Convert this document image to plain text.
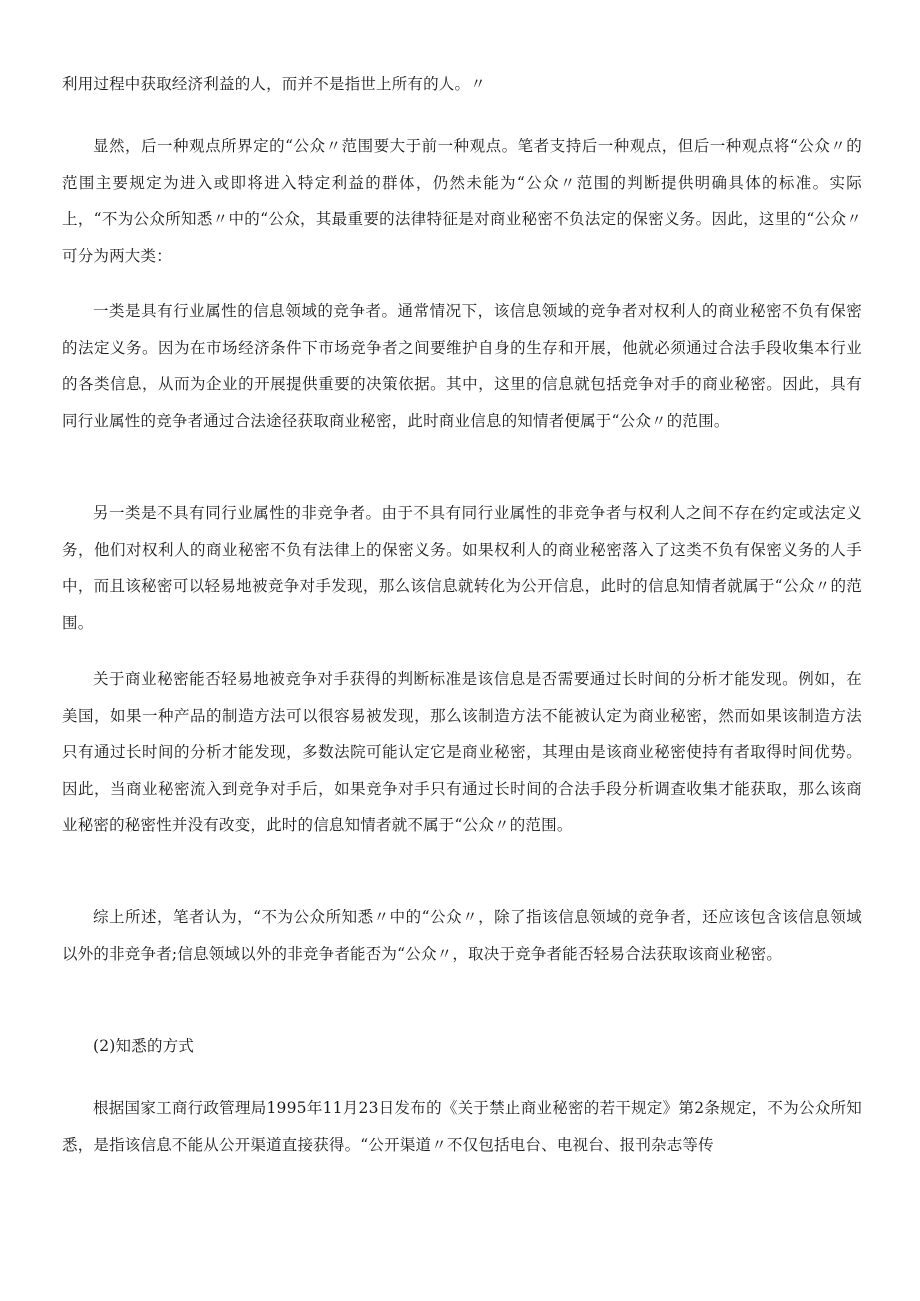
利用过程中获取经济利益的人，而并不是指世上所有的人。〃

显然，后一种观点所界定的“公众〃范围要大于前一种观点。笔者支持后一种观点，但后一种观点将“公众〃的范围主要规定为进入或即将进入特定利益的群体，仍然未能为“公众〃范围的判断提供明确具体的标准。实际上，“不为公众所知悉〃中的“公众，其最重要的法律特征是对商业秘密不负法定的保密义务。因此，这里的“公众〃可分为两大类：

一类是具有行业属性的信息领域的竞争者。通常情况下，该信息领域的竞争者对权利人的商业秘密不负有保密的法定义务。因为在市场经济条件下市场竞争者之间要维护自身的生存和开展，他就必须通过合法手段收集本行业的各类信息，从而为企业的开展提供重要的决策依据。其中，这里的信息就包括竞争对手的商业秘密。因此，具有同行业属性的竞争者通过合法途径获取商业秘密，此时商业信息的知情者便属于“公众〃的范围。

另一类是不具有同行业属性的非竞争者。由于不具有同行业属性的非竞争者与权利人之间不存在约定或法定义务，他们对权利人的商业秘密不负有法律上的保密义务。如果权利人的商业秘密落入了这类不负有保密义务的人手中，而且该秘密可以轻易地被竞争对手发现，那么该信息就转化为公开信息，此时的信息知情者就属于“公众〃的范围。

关于商业秘密能否轻易地被竞争对手获得的判断标准是该信息是否需要通过长时间的分析才能发现。例如，在美国，如果一种产品的制造方法可以很容易被发现，那么该制造方法不能被认定为商业秘密，然而如果该制造方法只有通过长时间的分析才能发现，多数法院可能认定它是商业秘密，其理由是该商业秘密使持有者取得时间优势。因此，当商业秘密流入到竞争对手后，如果竞争对手只有通过长时间的合法手段分析调查收集才能获取，那么该商业秘密的秘密性并没有改变，此时的信息知情者就不属于“公众〃的范围。

综上所述，笔者认为，“不为公众所知悉〃中的“公众〃，除了指该信息领域的竞争者，还应该包含该信息领域以外的非竞争者;信息领域以外的非竞争者能否为“公众〃，取决于竞争者能否轻易合法获取该商业秘密。

(2)知悉的方式

根据国家工商行政管理局1995年11月23日发布的《关于禁止商业秘密的若干规定》第2条规定，不为公众所知悉，是指该信息不能从公开渠道直接获得。“公开渠道〃不仅包括电台、电视台、报刊杂志等传
